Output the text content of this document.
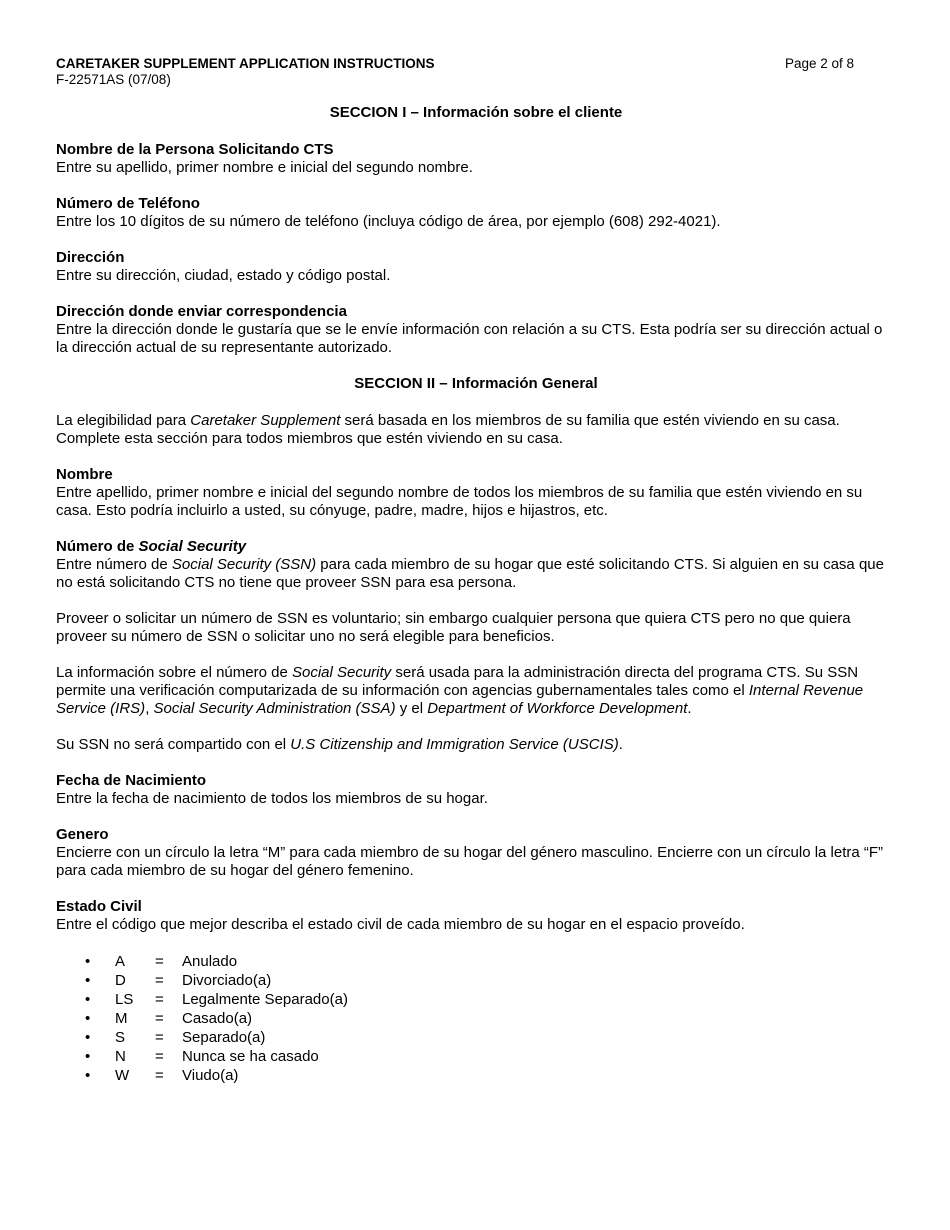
CARETAKER SUPPLEMENT APPLICATION INSTRUCTIONS	Page 2 of 8
F-22571AS (07/08)
SECCION I – Información sobre el cliente

Nombre de la Persona Solicitando CTS

Entre su apellido, primer nombre e inicial del segundo nombre.

Número de Teléfono

Entre los 10 dígitos de su número de teléfono (incluya código de área, por ejemplo (608) 292-4021).

Dirección

Entre su dirección, ciudad, estado y código postal.

Dirección donde enviar correspondencia

Entre la dirección donde le gustaría que se le envíe información con relación a su CTS. Esta podría ser su dirección actual o la dirección actual de su representante autorizado.

SECCION II – Información General

La elegibilidad para Caretaker Supplement será basada en los miembros de su familia que estén viviendo en su casa. Complete esta sección para todos miembros que estén viviendo en su casa.

Nombre

Entre apellido, primer nombre e inicial del segundo nombre de todos los miembros de su familia que estén viviendo en su casa. Esto podría incluirlo a usted, su cónyuge, padre, madre, hijos e hijastros, etc.

Número de Social Security

Entre número de Social Security (SSN) para cada miembro de su hogar que esté solicitando CTS. Si alguien en su casa que no está solicitando CTS no tiene que proveer SSN para esa persona.

Proveer o solicitar un número de SSN es voluntario; sin embargo cualquier persona que quiera CTS pero no que quiera proveer su número de SSN o solicitar uno no será elegible para beneficios.

La información sobre el número de Social Security será usada para la administración directa del programa CTS. Su SSN permite una verificación computarizada de su información con agencias gubernamentales tales como el Internal Revenue Service (IRS), Social Security Administration (SSA) y el Department of Workforce Development.

Su SSN no será compartido con el U.S Citizenship and Immigration Service (USCIS).

Fecha de Nacimiento

Entre la fecha de nacimiento de todos los miembros de su hogar.

Genero

Encierre con un círculo la letra “M” para cada miembro de su hogar del género masculino. Encierre con un círculo la letra “F” para cada miembro de su hogar del género femenino.

Estado Civil

Entre el código que mejor describa el estado civil de cada miembro de su hogar en el espacio proveído.

•	A	=	Anulado
•	D	=	Divorciado(a)
•	LS	=	Legalmente Separado(a)
•	M	=	Casado(a)
•	S	=	Separado(a)
•	N	=	Nunca se ha casado
•	W	=	Viudo(a)
